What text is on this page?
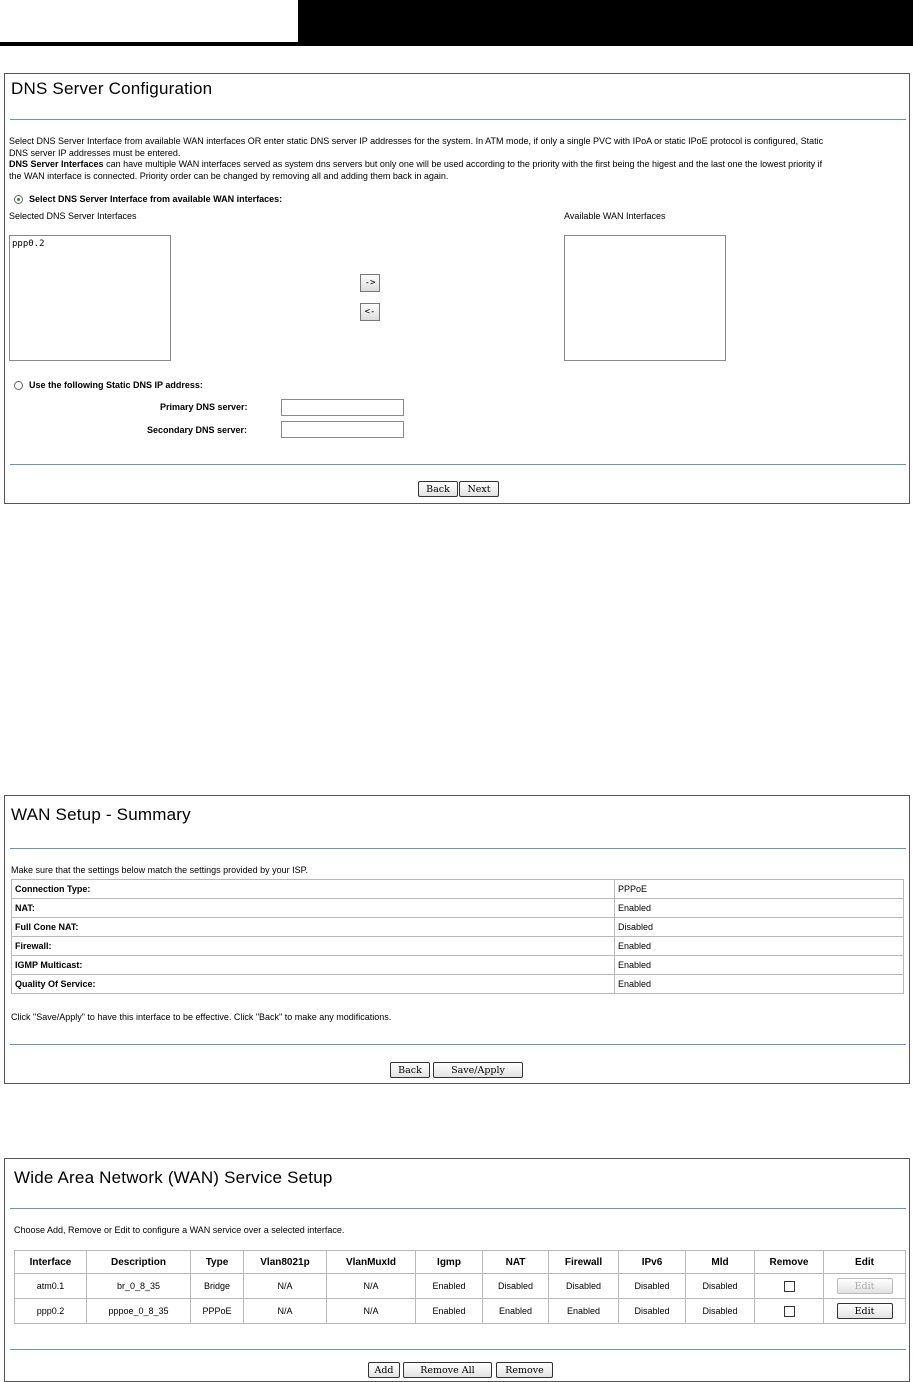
DNS Server Configuration
Select DNS Server Interface from available WAN interfaces OR enter static DNS server IP addresses for the system. In ATM mode, if only a single PVC with IPoA or static IPoE protocol is configured, Static
DNS server IP addresses must be entered.
DNS Server Interfaces can have multiple WAN interfaces served as system dns servers but only one will be used according to the priority with the first being the higest and the last one the lowest priority if
the WAN interface is connected. Priority order can be changed by removing all and adding them back in again.
Select DNS Server Interface from available WAN interfaces:
Selected DNS Server Interfaces	Available WAN Interfaces
ppp0.2
->
<-
Use the following Static DNS IP address:
Primary DNS server:
Secondary DNS server:
Back	Next
WAN Setup - Summary
Make sure that the settings below match the settings provided by your ISP.
Connection Type:	PPPoE
NAT:	Enabled
Full Cone NAT:	Disabled
Firewall:	Enabled
IGMP Multicast:	Enabled
Quality Of Service:	Enabled
Click "Save/Apply" to have this interface to be effective. Click "Back" to make any modifications.
Back	Save/Apply
Wide Area Network (WAN) Service Setup
Choose Add, Remove or Edit to configure a WAN service over a selected interface.
Interface	Description	Type	Vlan8021p	VlanMuxId	Igmp	NAT	Firewall	IPv6	Mld	Remove	Edit
atm0.1	br_0_8_35	Bridge	N/A	N/A	Enabled	Disabled	Disabled	Disabled	Disabled		Edit
ppp0.2	pppoe_0_8_35	PPPoE	N/A	N/A	Enabled	Enabled	Enabled	Disabled	Disabled		Edit
Add	Remove All	Remove
